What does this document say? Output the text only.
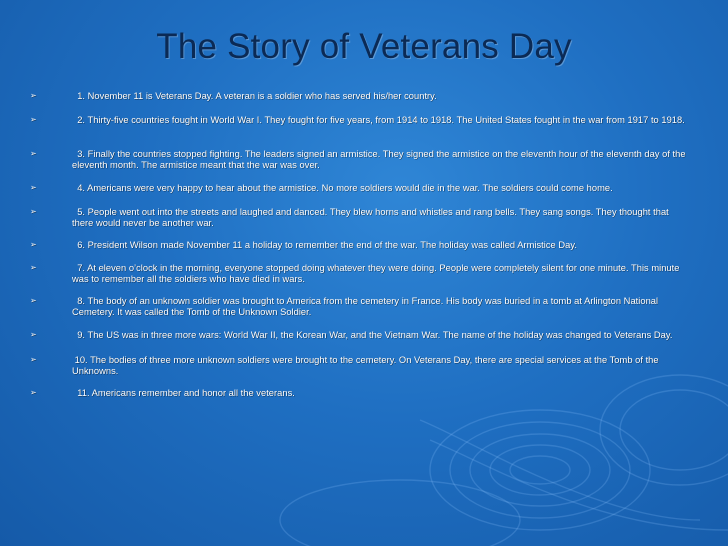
The Story of Veterans Day
➢	1. November 11 is Veterans Day. A veteran is a soldier who has served his/her country.
➢	2. Thirty-five countries fought in World War I. They fought for five years, from 1914 to 1918. The United States fought in the war from 1917 to 1918.
➢	3. Finally the countries stopped fighting. The leaders signed an armistice. They signed the armistice on the eleventh hour of the eleventh day of the eleventh month. The armistice meant that the war was over.
➢	4. Americans were very happy to hear about the armistice. No more soldiers would die in the war. The soldiers could come home.
➢	5. People went out into the streets and laughed and danced. They blew horns and whistles and rang bells. They sang songs. They thought that there would never be another war.
➢	6. President Wilson made November 11 a holiday to remember the end of the war. The holiday was called Armistice Day.
➢	7. At eleven o’clock in the morning, everyone stopped doing whatever they were doing. People were completely silent for one minute. This minute was to remember all the soldiers who have died in wars.
➢	8. The body of an unknown soldier was brought to America from the cemetery in France. His body was buried in a tomb at Arlington National Cemetery. It was called the Tomb of the Unknown Soldier.
➢	9. The US was in three more wars: World War II, the Korean War, and the Vietnam War. The name of the holiday was changed to Veterans Day.
➢	10. The bodies of three more unknown soldiers were brought to the cemetery. On Veterans Day, there are special services at the Tomb of the Unknowns.
➢	11. Americans remember and honor all the veterans.
